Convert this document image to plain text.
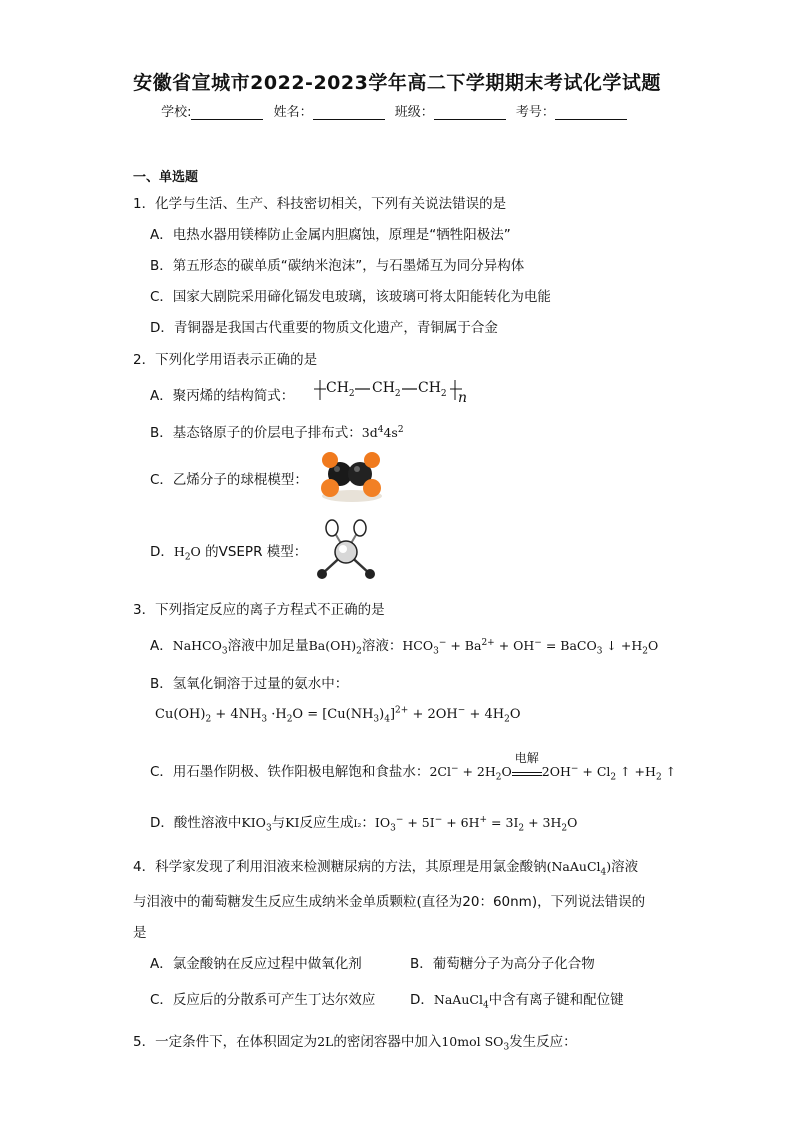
安徽省宣城市2022-2023学年高二下学期期末考试化学试题
学校:	姓名：	班级：	考号：
一、单选题
1．化学与生活、生产、科技密切相关，下列有关说法错误的是
A．电热水器用镁棒防止金属内胆腐蚀，原理是“牺牲阳极法”
B．第五形态的碳单质“碳纳米泡沫”，与石墨烯互为同分异构体
C．国家大剧院采用碲化镉发电玻璃，该玻璃可将太阳能转化为电能
D．青铜器是我国古代重要的物质文化遗产，青铜属于合金
2．下列化学用语表示正确的是
A．聚丙烯的结构简式： $CH_2$ $CH_2$ $CH_2$ n
B．基态铬原子的价层电子排布式：$3d^44s^2$
C．乙烯分子的球棍模型：
D．$H_2O$ 的VSEPR 模型：
3．下列指定反应的离子方程式不正确的是
A．NaHCO$_3$溶液中加足量$Ba(OH)_2$溶液：$HCO_3^- + Ba^{2+} + OH^-$ = BaCO$_3$ ↓ $+H_2O$
B．氢氧化铜溶于过量的氨水中：
$Cu(OH)_2 + 4NH_3 \cdot H_2O = [Cu(NH_3)_4]^{2+} + 2OH^- + 4H_2O$
C．用石墨作阴极、铁作阳极电解饱和食盐水：$2Cl^- + 2H_2O$
电解
$2OH^- + Cl_2$ ↑ $+H_2$ ↑
D．酸性溶液中$KIO_3$与KI反应生成I₂：$IO_3^- + 5I^- + 6H^+ = 3I_2 + 3H_2O$
4．科学家发现了利用泪液来检测糖尿病的方法，其原理是用氯金酸钠(NaAuCl$_4$)溶液
与泪液中的葡萄糖发生反应生成纳米金单质颗粒(直径为20：60nm)，下列说法错误的
是
A．氯金酸钠在反应过程中做氧化剂	B．葡萄糖分子为高分子化合物
C．反应后的分散系可产生丁达尔效应	D．NaAuCl$_4$中含有离子键和配位键
5．一定条件下，在体积固定为2L的密闭容器中加入10mol $SO_3$发生反应：
